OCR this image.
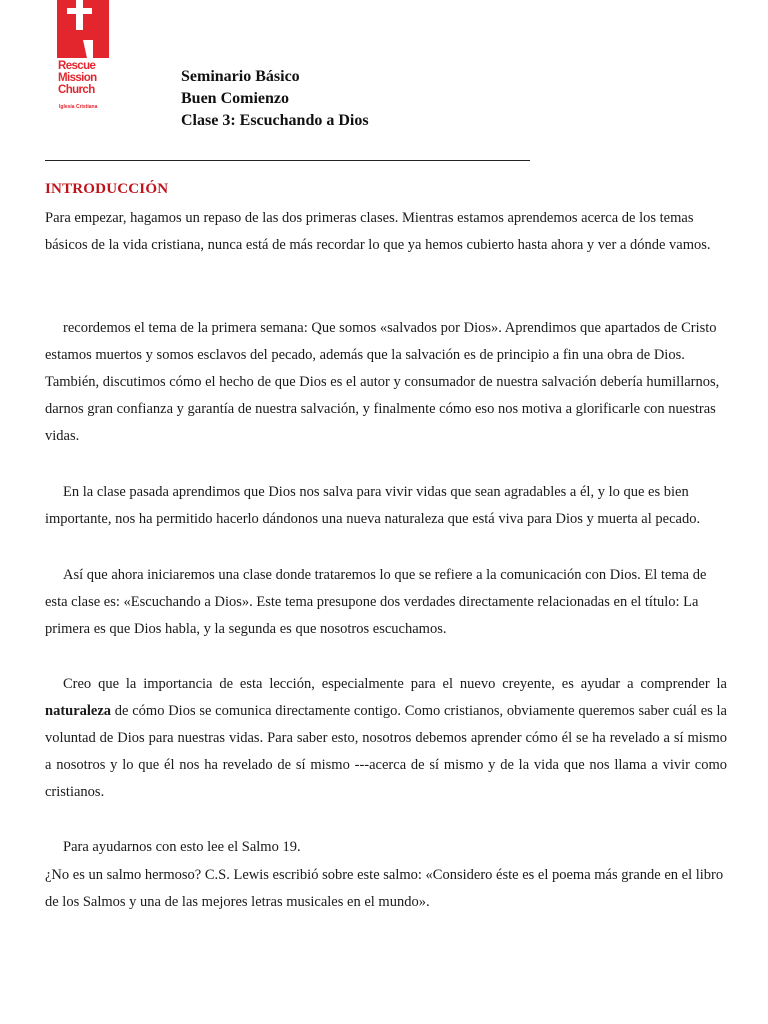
Rescue
Mission
Church
Iglesia Cristiana
Seminario Básico
Buen Comienzo
Clase 3: Escuchando a Dios
INTRODUCCIÓN
Para empezar, hagamos un repaso de las dos primeras clases. Mientras estamos aprendemos acerca de los temas básicos de la vida cristiana, nunca está de más recordar lo que ya hemos cubierto hasta ahora y ver a dónde vamos.
recordemos el tema de la primera semana: Que somos «salvados por Dios». Aprendimos que apartados de Cristo estamos muertos y somos esclavos del pecado, además que la salvación es de principio a fin una obra de Dios. También, discutimos cómo el hecho de que Dios es el autor y consumador de nuestra salvación debería humillarnos, darnos gran confianza y garantía de nuestra salvación, y finalmente cómo eso nos motiva a glorificarle con nuestras vidas.
En la clase pasada aprendimos que Dios nos salva para vivir vidas que sean agradables a él, y lo que es bien importante, nos ha permitido hacerlo dándonos una nueva naturaleza que está viva para Dios y muerta al pecado.
Así que ahora iniciaremos una clase donde trataremos lo que se refiere a la comunicación con Dios. El tema de esta clase es: «Escuchando a Dios». Este tema presupone dos verdades directamente relacionadas en el título: La primera es que Dios habla, y la segunda es que nosotros escuchamos.
Creo que la importancia de esta lección, especialmente para el nuevo creyente, es ayudar a comprender la naturaleza de cómo Dios se comunica directamente contigo. Como cristianos, obviamente queremos saber cuál es la voluntad de Dios para nuestras vidas. Para saber esto, nosotros debemos aprender cómo él se ha revelado a sí mismo a nosotros y lo que él nos ha revelado de sí mismo ---acerca de sí mismo y de la vida que nos llama a vivir como cristianos.
Para ayudarnos con esto lee el Salmo 19.
¿No es un salmo hermoso? C.S. Lewis escribió sobre este salmo: «Considero éste es el poema más grande en el libro de los Salmos y una de las mejores letras musicales en el mundo».
